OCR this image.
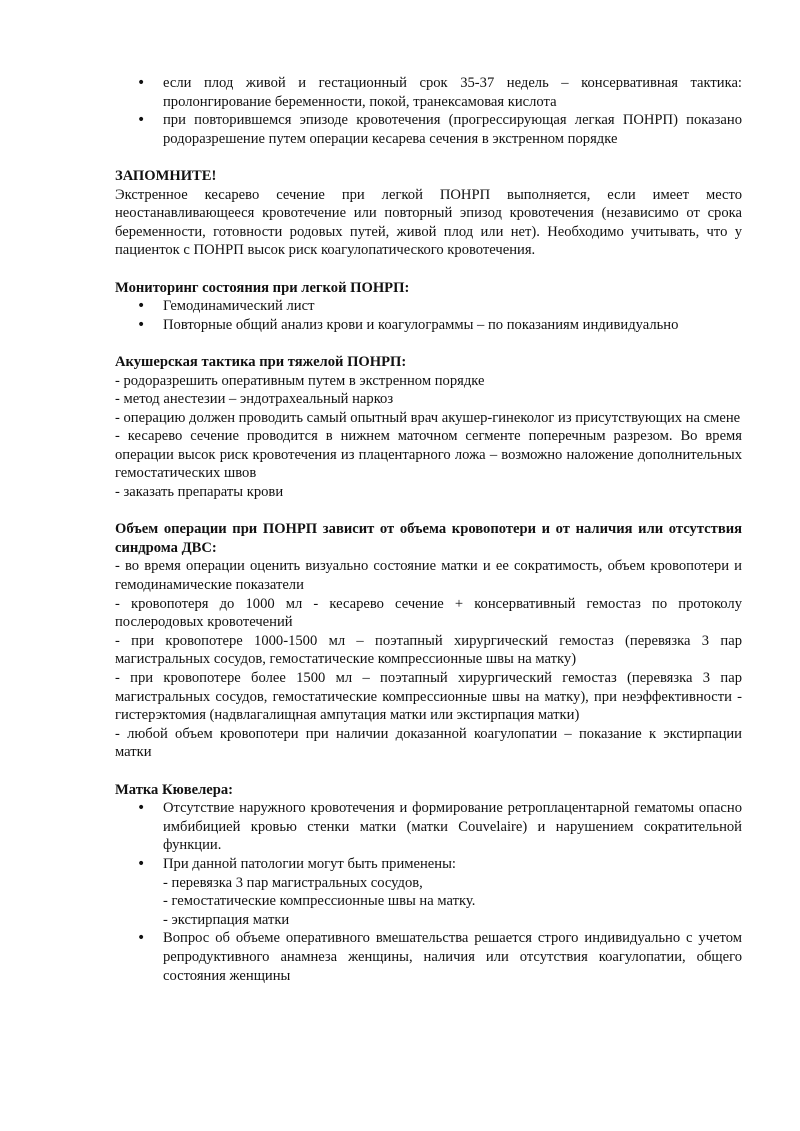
• если плод живой и гестационный срок 35-37 недель – консервативная тактика: пролонгирование беременности, покой, транексамовая кислота
• при повторившемся эпизоде кровотечения (прогрессирующая легкая ПОНРП) показано родоразрешение путем операции кесарева сечения в экстренном порядке

ЗАПОМНИТЕ!

Экстренное кесарево сечение при легкой ПОНРП выполняется, если имеет место неостанавливающееся кровотечение или повторный эпизод кровотечения (независимо от срока беременности, готовности родовых путей, живой плод или нет). Необходимо учитывать, что у пациенток с ПОНРП высок риск коагулопатического кровотечения.

Мониторинг состояния при легкой ПОНРП:

• Гемодинамический лист
• Повторные общий анализ крови и коагулограммы – по показаниям индивидуально

Акушерская тактика при тяжелой ПОНРП:

- родоразрешить оперативным путем в экстренном порядке

- метод анестезии – эндотрахеальный наркоз

- операцию должен проводить самый опытный врач акушер-гинеколог из присутствующих на смене

- кесарево сечение проводится в нижнем маточном сегменте поперечным разрезом. Во время операции высок риск кровотечения из плацентарного ложа – возможно наложение дополнительных гемостатических швов

- заказать препараты крови

Объем операции при ПОНРП зависит от объема кровопотери и от наличия или отсутствия синдрома ДВС:

- во время операции оценить визуально состояние матки и ее сократимость, объем кровопотери и гемодинамические показатели

- кровопотеря до 1000 мл - кесарево сечение + консервативный гемостаз по протоколу послеродовых кровотечений

- при кровопотере 1000-1500 мл – поэтапный хирургический гемостаз (перевязка 3 пар магистральных сосудов, гемостатические компрессионные швы на матку)

- при кровопотере более 1500 мл – поэтапный хирургический гемостаз (перевязка 3 пар магистральных сосудов, гемостатические компрессионные швы на матку), при неэффективности - гистерэктомия (надвлагалищная ампутация матки или экстирпация матки)

- любой объем кровопотери при наличии доказанной коагулопатии – показание к экстирпации матки

Матка Кювелера:

• Отсутствие наружного кровотечения и формирование ретроплацентарной гематомы опасно имбибицией кровью стенки матки (матки Couvelaire) и нарушением сократительной функции.
• При данной патологии могут быть применены:
- перевязка 3 пар магистральных сосудов,
- гемостатические компрессионные швы на матку.
- экстирпация матки
• Вопрос об объеме оперативного вмешательства решается строго индивидуально с учетом репродуктивного анамнеза женщины, наличия или отсутствия коагулопатии, общего состояния женщины
